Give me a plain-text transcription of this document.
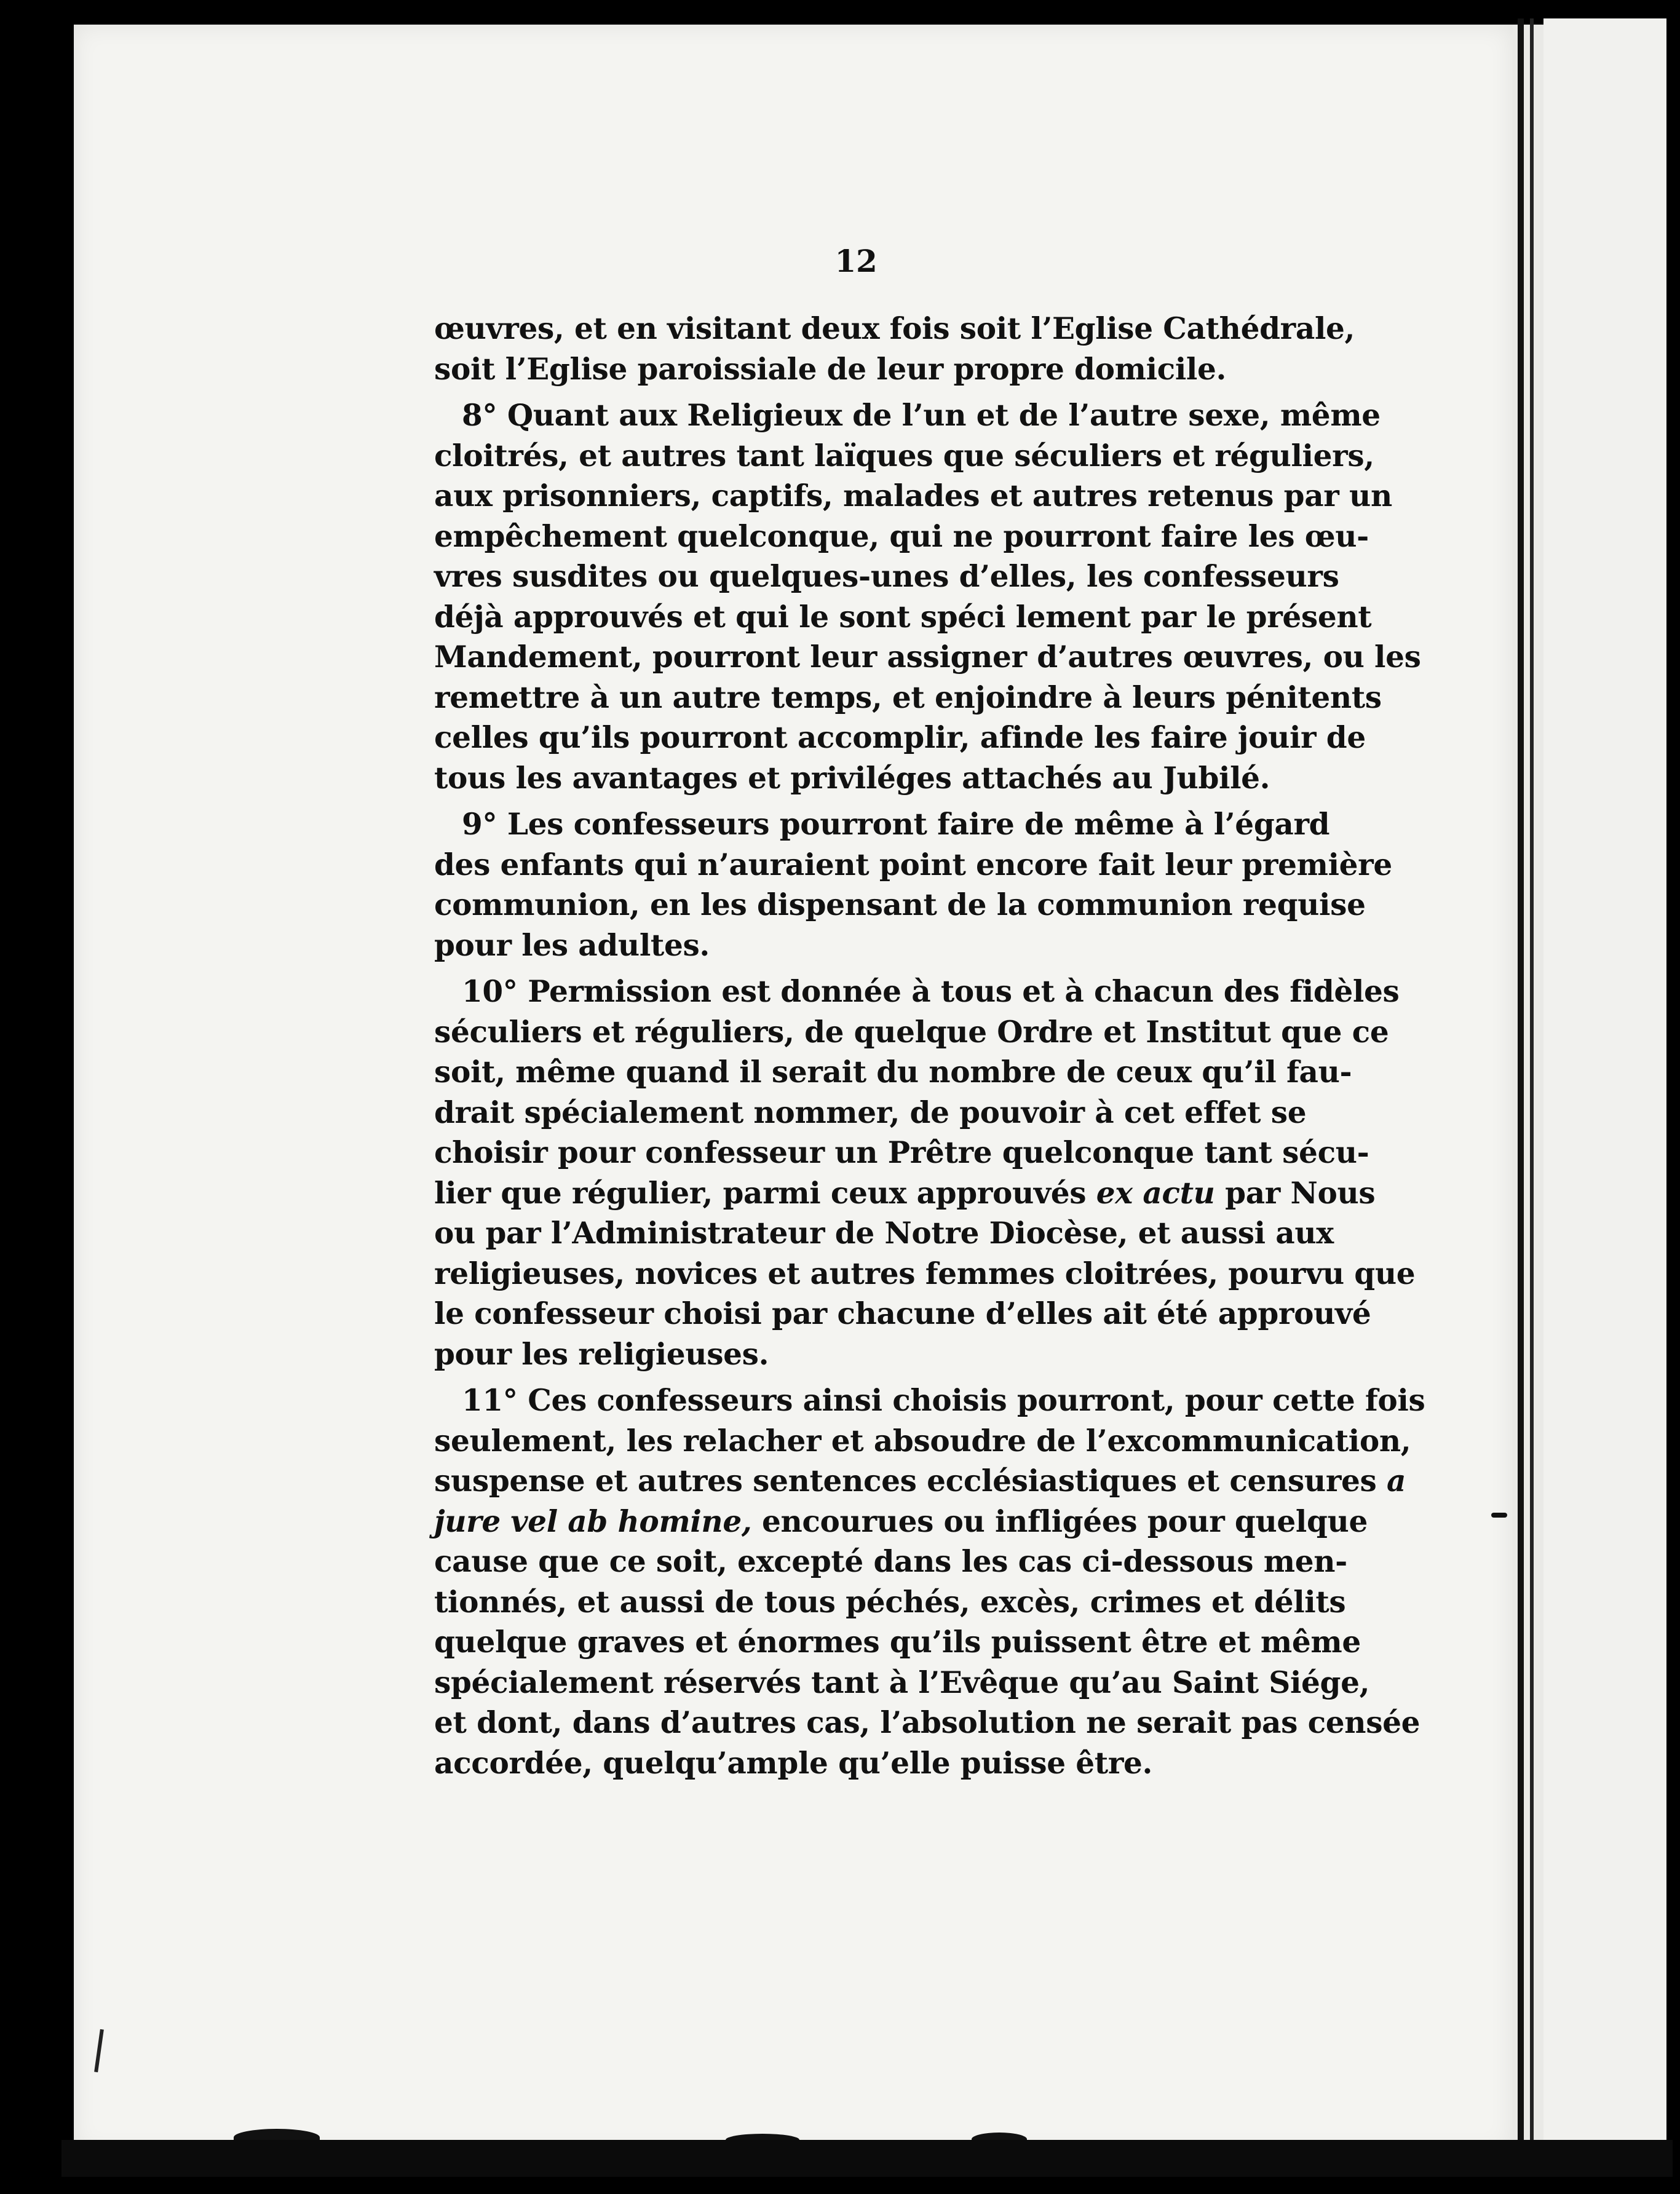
12
œuvres, et en visitant deux fois soit l’Eglise Cathédrale,
soit l’Eglise paroissiale de leur propre domicile.
8° Quant aux Religieux de l’un et de l’autre sexe, même
cloitrés, et autres tant laïques que séculiers et réguliers,
aux prisonniers, captifs, malades et autres retenus par un
empêchement quelconque, qui ne pourront faire les œu-
vres susdites ou quelques-unes d’elles, les confesseurs
déjà approuvés et qui le sont spéci lement par le présent
Mandement, pourront leur assigner d’autres œuvres, ou les
remettre à un autre temps, et enjoindre à leurs pénitents
celles qu’ils pourront accomplir, afinde les faire jouir de
tous les avantages et priviléges attachés au Jubilé.
9° Les confesseurs pourront faire de même à l’égard
des enfants qui n’auraient point encore fait leur première
communion, en les dispensant de la communion requise
pour les adultes.
10° Permission est donnée à tous et à chacun des fidèles
séculiers et réguliers, de quelque Ordre et Institut que ce
soit, même quand il serait du nombre de ceux qu’il fau-
drait spécialement nommer, de pouvoir à cet effet se
choisir pour confesseur un Prêtre quelconque tant sécu-
lier que régulier, parmi ceux approuvés ex actu par Nous
ou par l’Administrateur de Notre Diocèse, et aussi aux
religieuses, novices et autres femmes cloitrées, pourvu que
le confesseur choisi par chacune d’elles ait été approuvé
pour les religieuses.
11° Ces confesseurs ainsi choisis pourront, pour cette fois
seulement, les relacher et absoudre de l’excommunication,
suspense et autres sentences ecclésiastiques et censures a
jure vel ab homine, encourues ou infligées pour quelque
cause que ce soit, excepté dans les cas ci-dessous men-
tionnés, et aussi de tous péchés, excès, crimes et délits
quelque graves et énormes qu’ils puissent être et même
spécialement réservés tant à l’Evêque qu’au Saint Siége,
et dont, dans d’autres cas, l’absolution ne serait pas censée
accordée, quelqu’ample qu’elle puisse être.
